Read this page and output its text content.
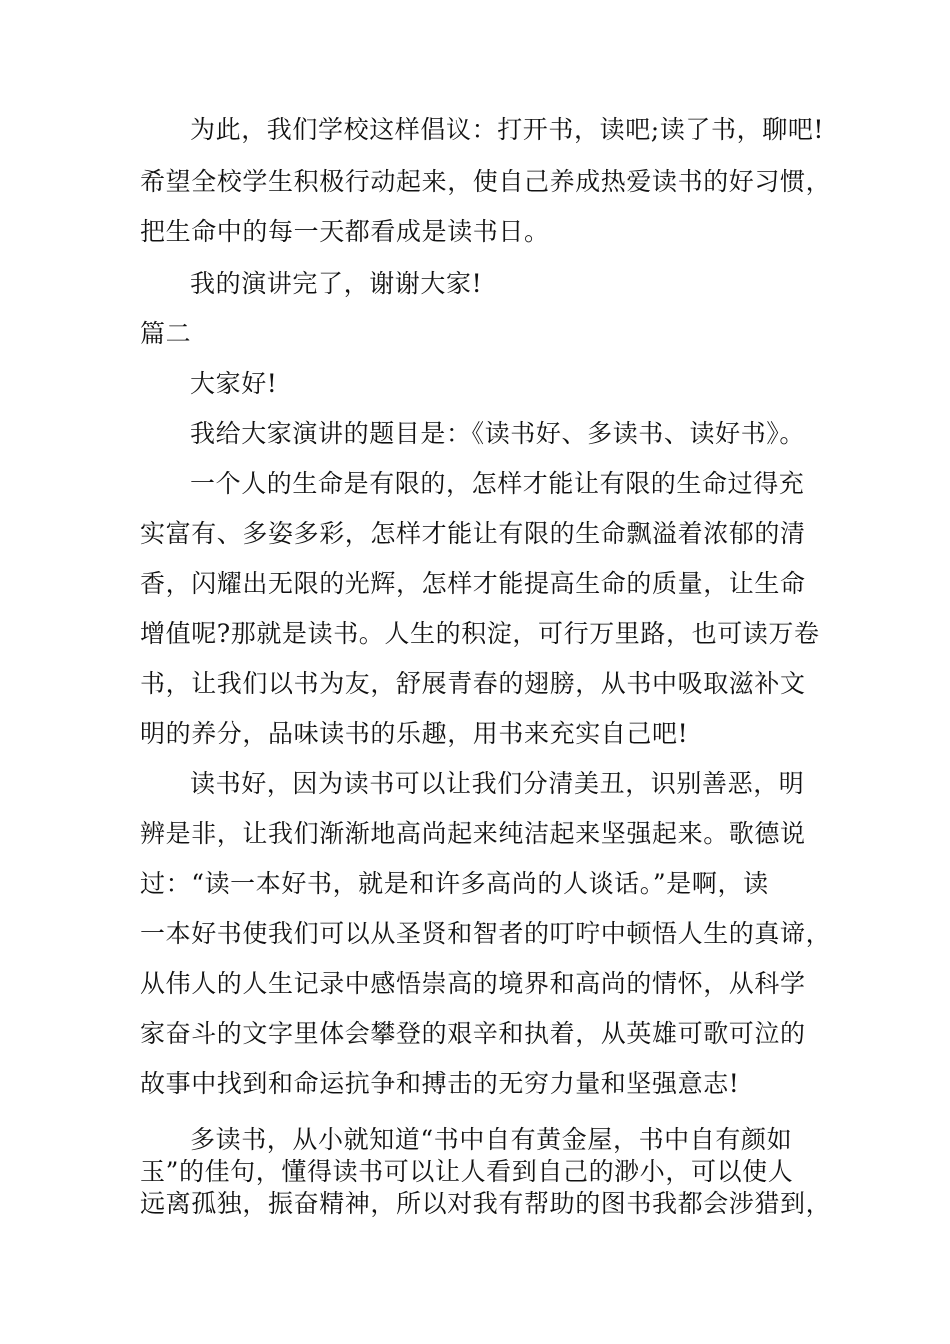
为此，我们学校这样倡议：打开书，读吧;读了书，聊吧!
希望全校学生积极行动起来，使自己养成热爱读书的好习惯，
把生命中的每一天都看成是读书日。
我的演讲完了，谢谢大家!
篇二
大家好!
我给大家演讲的题目是：《读书好、多读书、读好书》。
一个人的生命是有限的，怎样才能让有限的生命过得充
实富有、多姿多彩，怎样才能让有限的生命飘溢着浓郁的清
香，闪耀出无限的光辉，怎样才能提高生命的质量，让生命
增值呢?那就是读书。人生的积淀，可行万里路，也可读万卷
书，让我们以书为友，舒展青春的翅膀，从书中吸取滋补文
明的养分，品味读书的乐趣，用书来充实自己吧!
读书好，因为读书可以让我们分清美丑，识别善恶，明
辨是非，让我们渐渐地高尚起来纯洁起来坚强起来。歌德说
过：“读一本好书，就是和许多高尚的人谈话。”是啊，读
一本好书使我们可以从圣贤和智者的叮咛中顿悟人生的真谛，
从伟人的人生记录中感悟崇高的境界和高尚的情怀，从科学
家奋斗的文字里体会攀登的艰辛和执着，从英雄可歌可泣的
故事中找到和命运抗争和搏击的无穷力量和坚强意志!
多读书，从小就知道“书中自有黄金屋，书中自有颜如
玉”的佳句，懂得读书可以让人看到自己的渺小，可以使人
远离孤独，振奋精神，所以对我有帮助的图书我都会涉猎到，
